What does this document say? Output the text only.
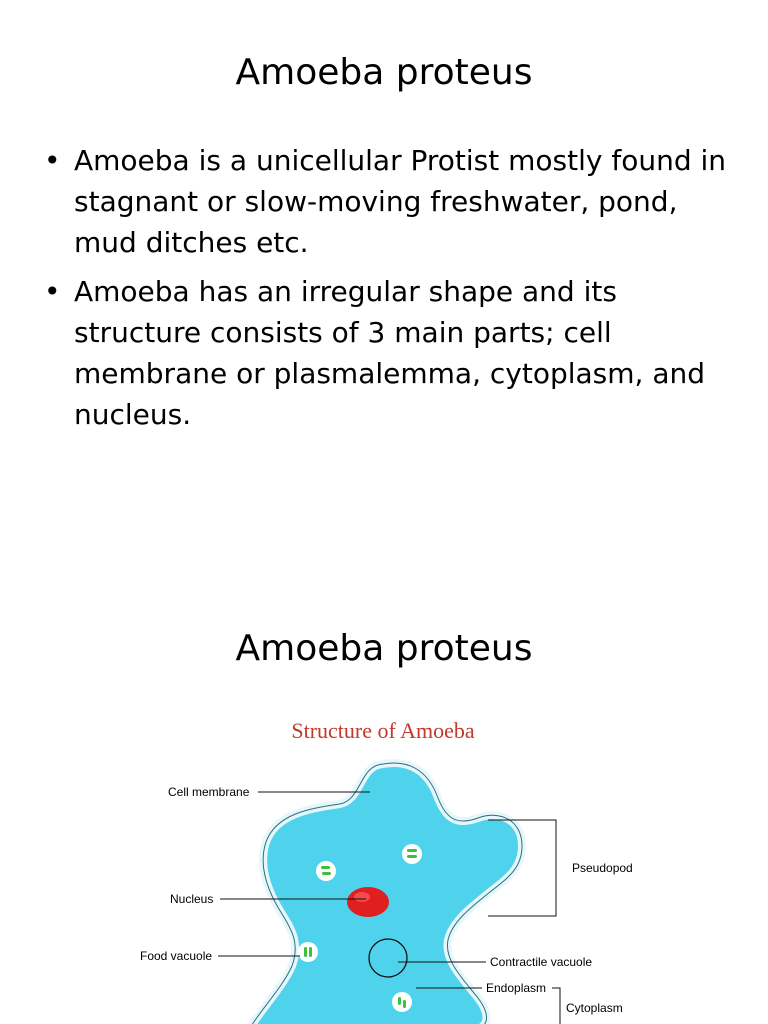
Amoeba proteus
• Amoeba is a unicellular Protist mostly found in stagnant or slow-moving freshwater, pond, mud ditches etc.
• Amoeba has an irregular shape and its structure consists of 3 main parts; cell membrane or plasmalemma, cytoplasm, and nucleus.
Amoeba proteus
Structure of Amoeba
Cell membrane
Nucleus
Food vacuole
Pseudopod
Contractile vacuole
Endoplasm
Cytoplasm
